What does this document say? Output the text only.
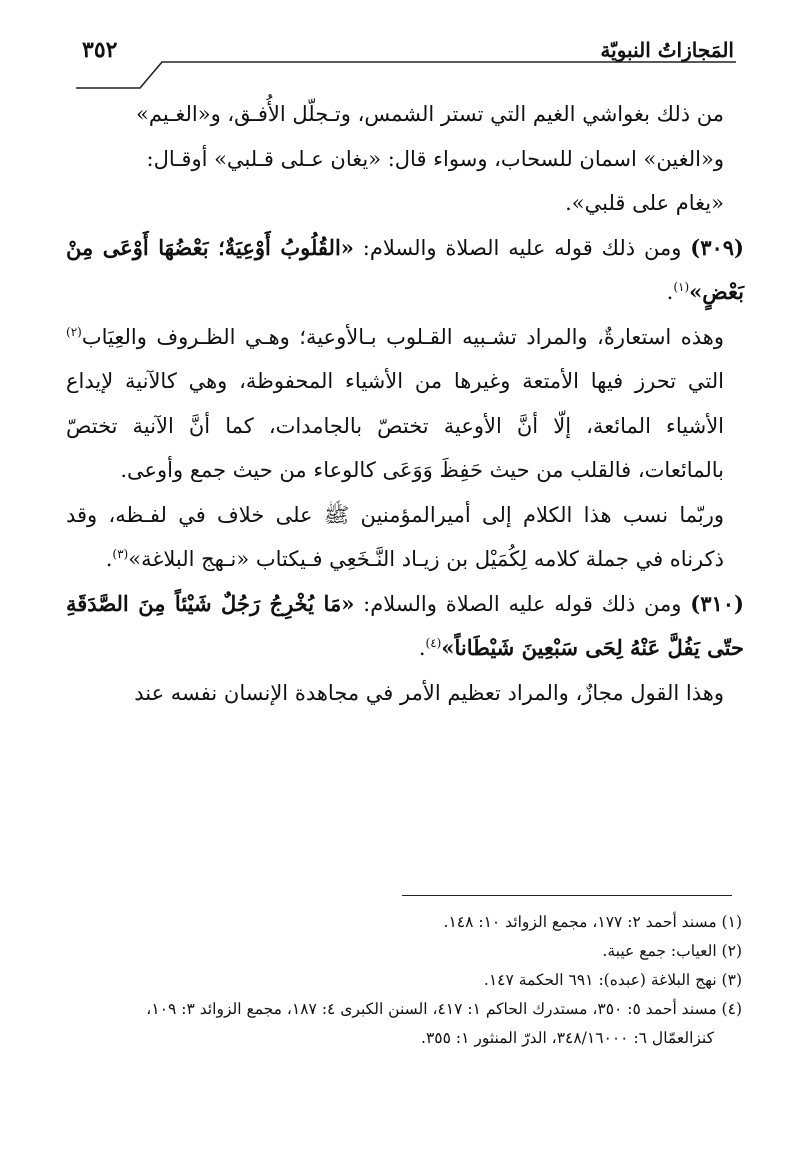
المَجازاتُ النبويّة
٣٥٢

من ذلك بغواشي الغيم التي تستر الشمس، وتـجلّل الأُفـق، و«الغـيم»
و«الغين» اسمان للسحاب، وسواء قال: «يغان عـلى قـلبي» أوقـال:
«يغام على قلبي».

(٣٠٩) ومن ذلك قوله عليه الصلاة والسلام: «القُلُوبُ أَوْعِيَةٌ؛ بَعْضُهَا أَوْعَى مِنْ بَعْضٍ»$^{(١)}$.

وهذه استعارةٌ، والمراد تشـبيه القـلوب بـالأوعية؛ وهـي الظـروف والعِيَاب$^{(٢)}$ التي تحرز فيها الأمتعة وغيرها من الأشياء المحفوظة، وهي كالآنية لإيداع الأشياء المائعة، إلّا أنَّ الأوعية تختصّ بالجامدات، كما أنَّ الآنية تختصّ بالمائعات، فالقلب من حيث حَفِظَ وَوَعَى كالوعاء من حيث جمع وأوعى.

وربّما نسب هذا الكلام إلى أميرالمؤمنين ﷺ على خلاف في لفـظه، وقد ذكرناه في جملة كلامه لِكُمَيْل بن زيـاد النَّـخَعِي فـيكتاب «نـهج البلاغة»$^{(٣)}$.

(٣١٠) ومن ذلك قوله عليه الصلاة والسلام: «مَا يُخْرِجُ رَجُلٌ شَيْئاً مِنَ الصَّدَقَةِ حتّى يَفُلَّ عَنْهُ لِحَى سَبْعِينَ شَيْطَاناً»$^{(٤)}$.

وهذا القول مجازٌ، والمراد تعظيم الأمر في مجاهدة الإنسان نفسه عند

(١) مسند أحمد ٢: ١٧٧، مجمع الزوائد ١٠: ١٤٨.

(٢) العياب: جمع عيبة.

(٣) نهج البلاغة (عبده): ٦٩١ الحكمة ١٤٧.

(٤) مسند أحمد ٥: ٣٥٠، مستدرك الحاكم ١: ٤١٧، السنن الكبرى ٤: ١٨٧، مجمع الزوائد ٣: ١٠٩،

كنزالعمّال ٦: ٣٤٨/١٦٠٠٠، الدرّ المنثور ١: ٣٥٥.
